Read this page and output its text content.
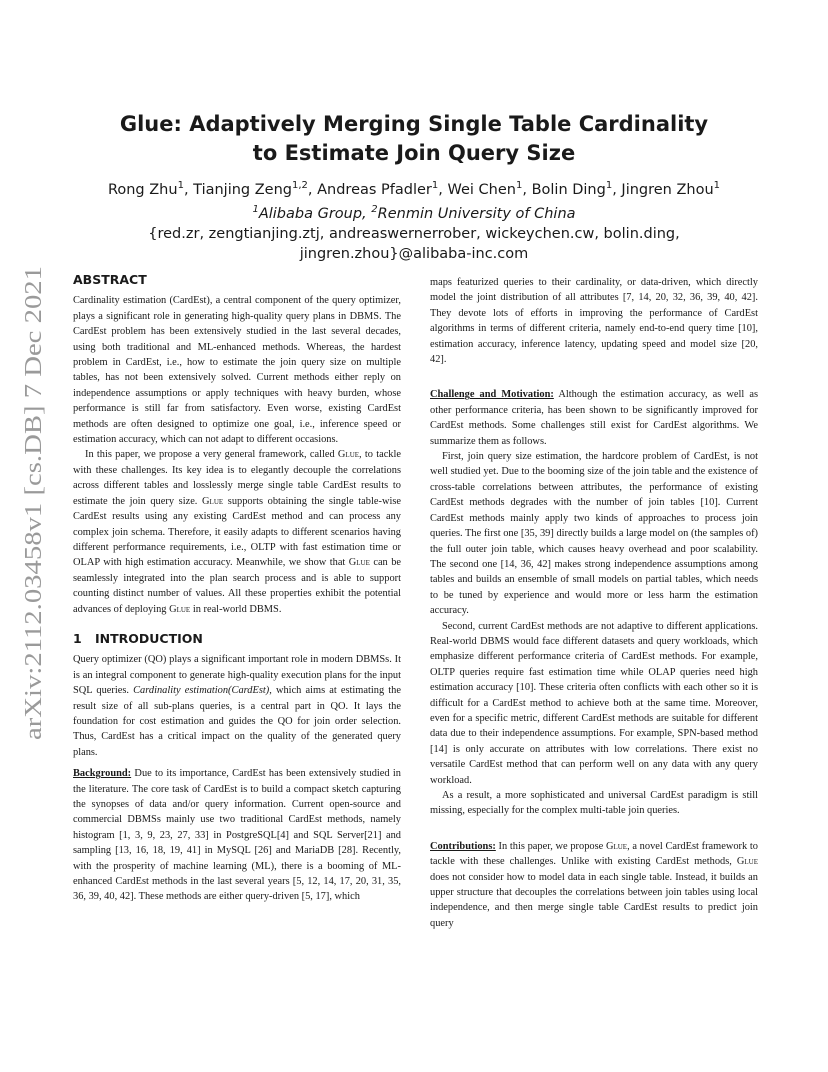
arXiv:2112.03458v1 [cs.DB] 7 Dec 2021
Glue: Adaptively Merging Single Table Cardinality
to Estimate Join Query Size
Rong Zhu$^1$, Tianjing Zeng$^{1,2}$, Andreas Pfadler$^1$, Wei Chen$^1$, Bolin Ding$^1$, Jingren Zhou$^1$
$^1$Alibaba Group, $^2$Renmin University of China
{red.zr, zengtianjing.ztj, andreaswernerrober, wickeychen.cw, bolin.ding,
jingren.zhou}@alibaba-inc.com
ABSTRACT

Cardinality estimation (CardEst), a central component of the query optimizer, plays a significant role in generating high-quality query plans in DBMS. The CardEst problem has been extensively studied in the last several decades, using both traditional and ML-enhanced methods. Whereas, the hardest problem in CardEst, i.e., how to estimate the join query size on multiple tables, has not been extensively solved. Current methods either reply on independence assumptions or apply techniques with heavy burden, whose performance is still far from satisfactory. Even worse, existing CardEst methods are often designed to optimize one goal, i.e., inference speed or estimation accuracy, which can not adapt to different occasions.

In this paper, we propose a very general framework, called Glue, to tackle with these challenges. Its key idea is to elegantly decouple the correlations across different tables and losslessly merge single table CardEst results to estimate the join query size. Glue supports obtaining the single table-wise CardEst results using any existing CardEst method and can process any complex join schema. Therefore, it easily adapts to different scenarios having different performance requirements, i.e., OLTP with fast estimation time or OLAP with high estimation accuracy. Meanwhile, we show that Glue can be seamlessly integrated into the plan search process and is able to support counting distinct number of values. All these properties exhibit the potential advances of deploying Glue in real-world DBMS.

1 INTRODUCTION

Query optimizer (QO) plays a significant important role in modern DBMSs. It is an integral component to generate high-quality execution plans for the input SQL queries. Cardinality estimation(CardEst), which aims at estimating the result size of all sub-plans queries, is a central part in QO. It lays the foundation for cost estimation and guides the QO for join order selection. Thus, CardEst has a critical impact on the quality of the generated query plans.

Background: Due to its importance, CardEst has been extensively studied in the literature. The core task of CardEst is to build a compact sketch capturing the synopses of data and/or query information. Current open-source and commercial DBMSs mainly use two traditional CardEst methods, namely histogram [1, 3, 9, 23, 27, 33] in PostgreSQL[4] and SQL Server[21] and sampling [13, 16, 18, 19, 41] in MySQL [26] and MariaDB [28]. Recently, with the prosperity of machine learning (ML), there is a booming of ML-enhanced CardEst methods in the last several years [5, 12, 14, 17, 20, 31, 35, 36, 39, 40, 42]. These methods are either query-driven [5, 17], which

maps featurized queries to their cardinality, or data-driven, which directly model the joint distribution of all attributes [7, 14, 20, 32, 36, 39, 40, 42]. They devote lots of efforts in improving the performance of CardEst algorithms in terms of different criteria, namely end-to-end query time [10], estimation accuracy, inference latency, updating speed and model size [20, 42].

Challenge and Motivation: Although the estimation accuracy, as well as other performance criteria, has been shown to be significantly improved for CardEst methods. Some challenges still exist for CardEst algorithms. We summarize them as follows.

First, join query size estimation, the hardcore problem of CardEst, is not well studied yet. Due to the booming size of the join table and the existence of cross-table correlations between attributes, the performance of existing CardEst methods degrades with the number of join tables [10]. Current CardEst methods mainly apply two kinds of approaches to process join queries. The first one [35, 39] directly builds a large model on (the samples of) the full outer join table, which causes heavy overhead and poor scalability. The second one [14, 36, 42] makes strong independence assumptions among tables and builds an ensemble of small models on partial tables, which needs to be tuned by experience and would more or less harm the estimation accuracy.

Second, current CardEst methods are not adaptive to different applications. Real-world DBMS would face different datasets and query workloads, which emphasize different performance criteria of CardEst methods. For example, OLTP queries require fast estimation time while OLAP queries need high estimation accuracy [10]. These criteria often conflicts with each other so it is difficult for a CardEst method to achieve both at the same time. Moreover, even for a specific metric, different CardEst methods are suitable for different data due to their independence assumptions. For example, SPN-based method [14] is only accurate on attributes with low correlations. There exist no versatile CardEst method that can perform well on any data with any query workload.

As a result, a more sophisticated and universal CardEst paradigm is still missing, especially for the complex multi-table join queries.

Contributions: In this paper, we propose Glue, a novel CardEst framework to tackle with these challenges. Unlike with existing CardEst methods, Glue does not consider how to model data in each single table. Instead, it builds an upper structure that decouples the correlations between join tables using local independence, and then merge single table CardEst results to predict join query
